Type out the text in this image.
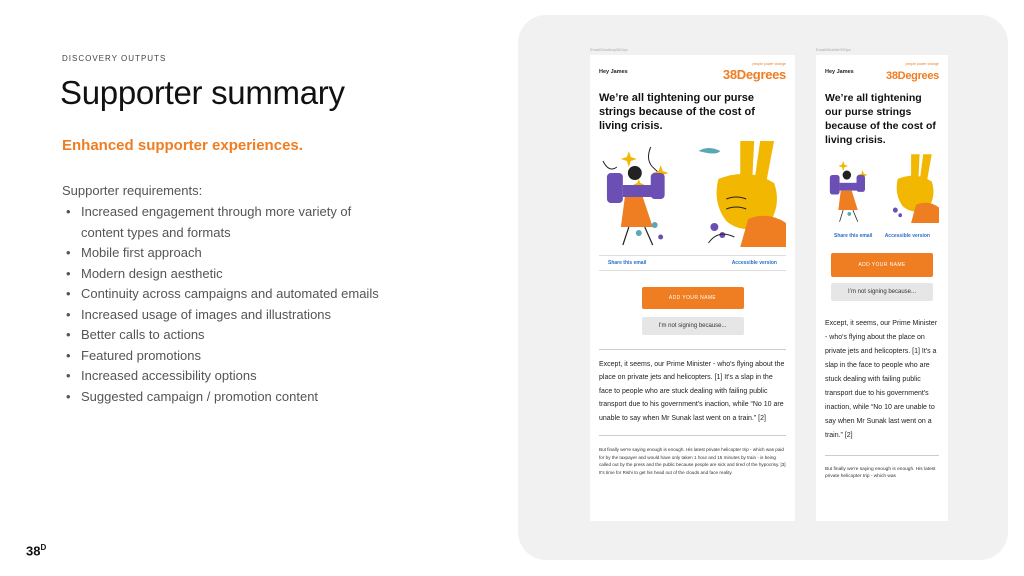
DISCOVERY OUTPUTS
Supporter summary
Enhanced supporter experiences.
Supporter requirements:
• Increased engagement through more variety of content types and formats
• Mobile first approach
• Modern design aesthetic
• Continuity across campaigns and automated emails
• Increased usage of images and illustrations
• Better calls to actions
• Featured promotions
• Increased accessibility options
• Suggested campaign / promotion content
$38^D$
Email/Desktop/600px	Email/Mobile/390px
Hey James
people power change
38Degrees
We’re all tightening our purse strings because of the cost of living crisis.
Share this email	Accessible version
ADD YOUR NAME
I’m not signing because...

Except, it seems, our Prime Minister - who's flying about the place on private jets and helicopters. [1] It's a slap in the face to people who are stuck dealing with failing public transport due to his government's inaction, while “No 10 are unable to say when Mr Sunak last went on a train.” [2]

But finally we're saying enough is enough. His latest private helicopter trip - which was paid for by the taxpayer and would have only taken 1 hour and 15 minutes by train - is being called out by the press and the public because people are sick and tired of the hypocrisy. [3] It's time for Rishi to get his head out of the clouds and face reality.

Hey James
people power change
38Degrees
We’re all tightening our purse strings because of the cost of living crisis.
Share this email Accessible version
ADD YOUR NAME
I’m not signing because...

Except, it seems, our Prime Minister - who's flying about the place on private jets and helicopters. [1] It's a slap in the face to people who are stuck dealing with failing public transport due to his government's inaction, while “No 10 are unable to say when Mr Sunak last went on a train.” [2]

But finally we're saying enough is enough. His latest private helicopter trip - which was
